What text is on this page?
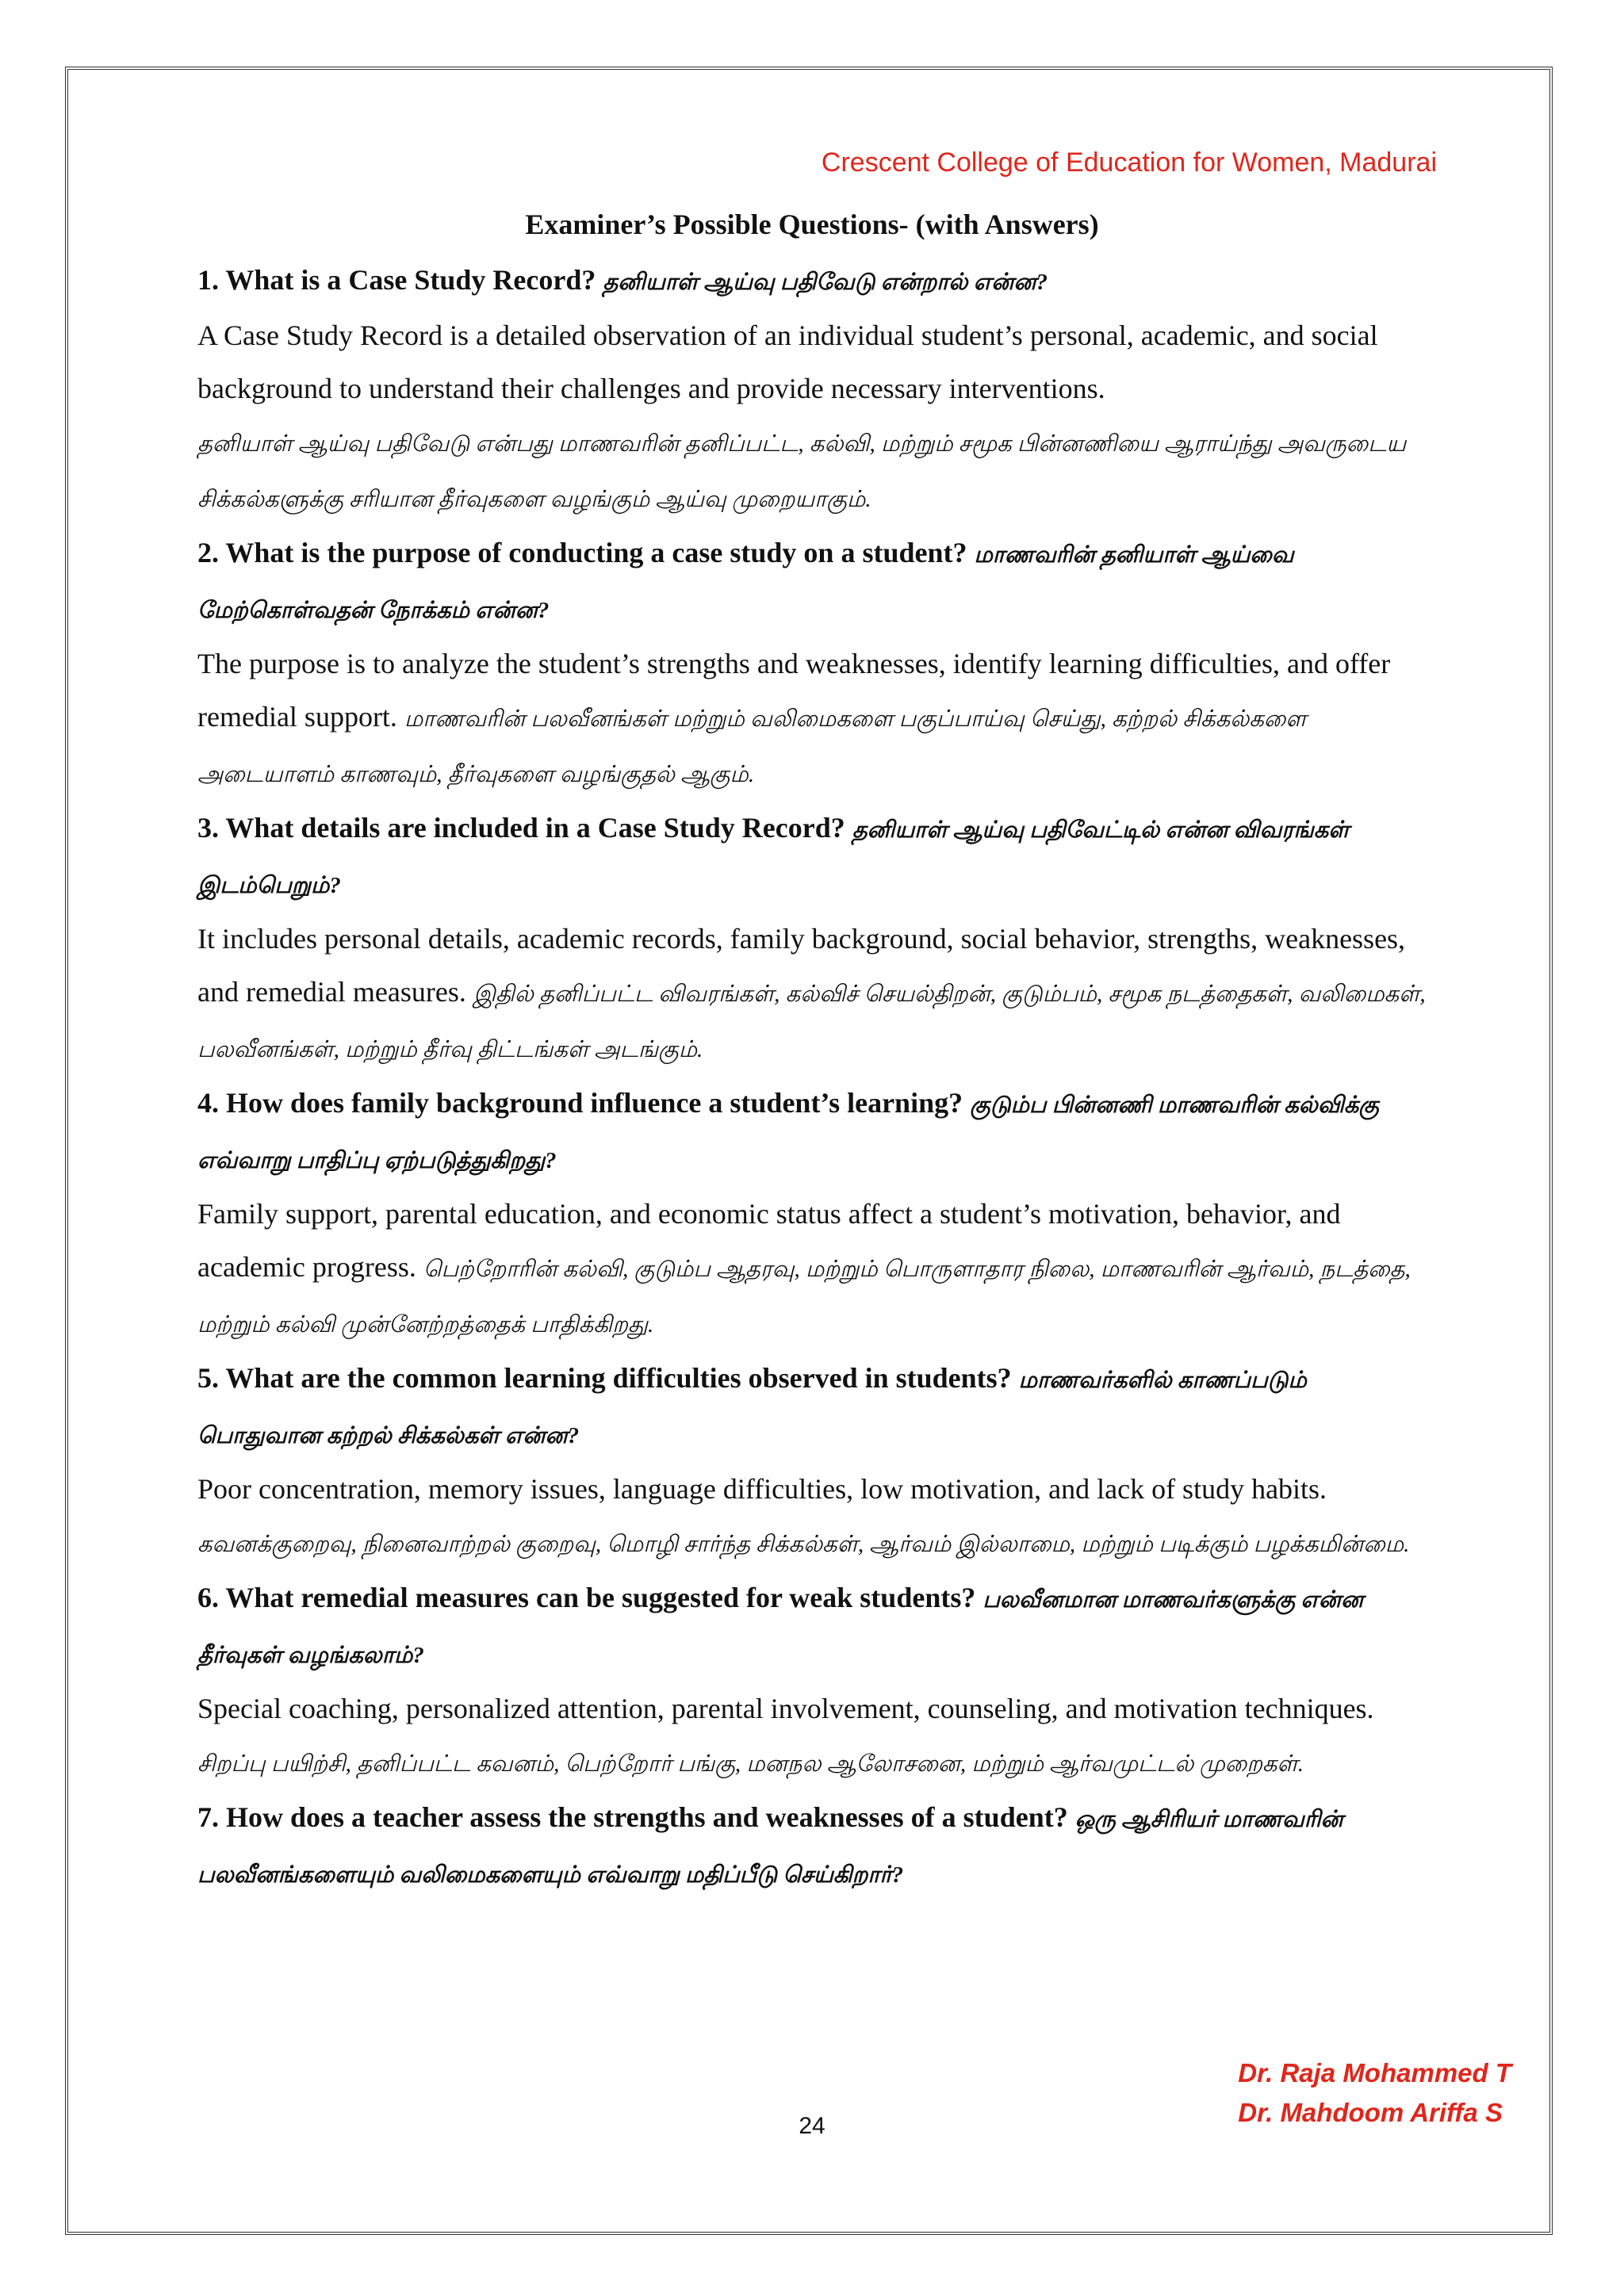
Crescent College of Education for Women, Madurai
Examiner’s Possible Questions- (with Answers)

1. What is a Case Study Record? தனியாள் ஆய்வு பதிவேடு என்றால் என்ன?

A Case Study Record is a detailed observation of an individual student’s personal, academic, and social background to understand their challenges and provide necessary interventions.
தனியாள் ஆய்வு பதிவேடு என்பது மாணவரின் தனிப்பட்ட, கல்வி, மற்றும் சமூக பின்னணியை ஆராய்ந்து அவருடைய சிக்கல்களுக்கு சரியான தீர்வுகளை வழங்கும் ஆய்வு முறையாகும்.

2. What is the purpose of conducting a case study on a student? மாணவரின் தனியாள் ஆய்வை மேற்கொள்வதன் நோக்கம் என்ன?

The purpose is to analyze the student’s strengths and weaknesses, identify learning difficulties, and offer remedial support. மாணவரின் பலவீனங்கள் மற்றும் வலிமைகளை பகுப்பாய்வு செய்து, கற்றல் சிக்கல்களை அடையாளம் காணவும், தீர்வுகளை வழங்குதல் ஆகும்.

3. What details are included in a Case Study Record? தனியாள் ஆய்வு பதிவேட்டில் என்ன விவரங்கள் இடம்பெறும்?

It includes personal details, academic records, family background, social behavior, strengths, weaknesses, and remedial measures. இதில் தனிப்பட்ட விவரங்கள், கல்விச் செயல்திறன், குடும்பம், சமூக நடத்தைகள், வலிமைகள், பலவீனங்கள், மற்றும் தீர்வு திட்டங்கள் அடங்கும்.

4. How does family background influence a student’s learning? குடும்ப பின்னணி மாணவரின் கல்விக்கு எவ்வாறு பாதிப்பு ஏற்படுத்துகிறது?

Family support, parental education, and economic status affect a student’s motivation, behavior, and academic progress. பெற்றோரின் கல்வி, குடும்ப ஆதரவு, மற்றும் பொருளாதார நிலை, மாணவரின் ஆர்வம், நடத்தை, மற்றும் கல்வி முன்னேற்றத்தைக் பாதிக்கிறது.

5. What are the common learning difficulties observed in students? மாணவர்களில் காணப்படும் பொதுவான கற்றல் சிக்கல்கள் என்ன?

Poor concentration, memory issues, language difficulties, low motivation, and lack of study habits.
கவனக்குறைவு, நினைவாற்றல் குறைவு, மொழி சார்ந்த சிக்கல்கள், ஆர்வம் இல்லாமை, மற்றும் படிக்கும் பழக்கமின்மை.

6. What remedial measures can be suggested for weak students? பலவீனமான மாணவர்களுக்கு என்ன தீர்வுகள் வழங்கலாம்?

Special coaching, personalized attention, parental involvement, counseling, and motivation techniques. சிறப்பு பயிற்சி, தனிப்பட்ட கவனம், பெற்றோர் பங்கு, மனநல ஆலோசனை, மற்றும் ஆர்வமுட்டல் முறைகள்.

7. How does a teacher assess the strengths and weaknesses of a student? ஒரு ஆசிரியர் மாணவரின் பலவீனங்களையும் வலிமைகளையும் எவ்வாறு மதிப்பீடு செய்கிறார்?

Dr. Raja Mohammed T
Dr. Mahdoom Ariffa S
24
